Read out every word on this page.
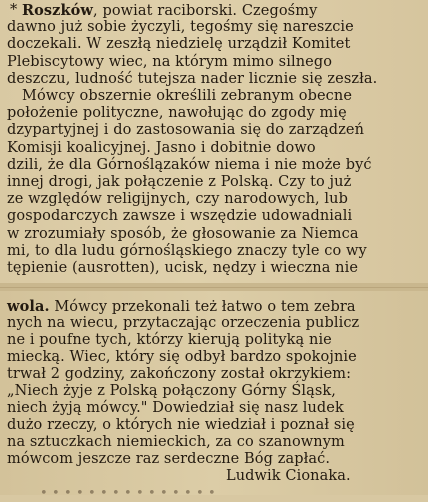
• • • • • • • • • • • • • • •
Roszków, powiat raciborski. Czegośmy
dawno już sobie życzyli, tegośmy się nareszcie
doczekali. W zeszłą niedzielę urządził Komitet
Plebiscytowy wiec, na którym mimo silnego
deszczu, ludność tutejsza nader licznie się zeszła.
Mówcy obszernie określili zebranym obecne
położenie polityczne, nawołując do zgody mię
dzypartyjnej i do zastosowania się do zarządzeń
Komisji koalicyjnej. Jasno i dobitnie dowo
dzili, że dla Górnoślązaków niema i nie może być
innej drogi, jak połączenie z Polską. Czy to już
ze względów religijnych, czy narodowych, lub
gospodarczych zawsze i wszędzie udowadniali
w zrozumiały sposób, że głosowanie za Niemca
mi, to dla ludu górnośląskiego znaczy tyle co wy
tępienie (ausrotten), ucisk, nędzy i wieczna nie
wola. Mówcy przekonali też łatwo o tem zebra
nych na wiecu, przytaczając orzeczenia publicz
ne i poufne tych, którzy kierują polityką nie
miecką. Wiec, który się odbył bardzo spokojnie
trwał 2 godziny, zakończony został okrzykiem:
„Niech żyje z Polską połączony Górny Śląsk,
niech żyją mówcy." Dowiedział się nasz ludek
dużo rzeczy, o których nie wiedział i poznał się
na sztuczkach niemieckich, za co szanownym
mówcom jeszcze raz serdeczne Bóg zapłać.
*
Ludwik Cionaka.
